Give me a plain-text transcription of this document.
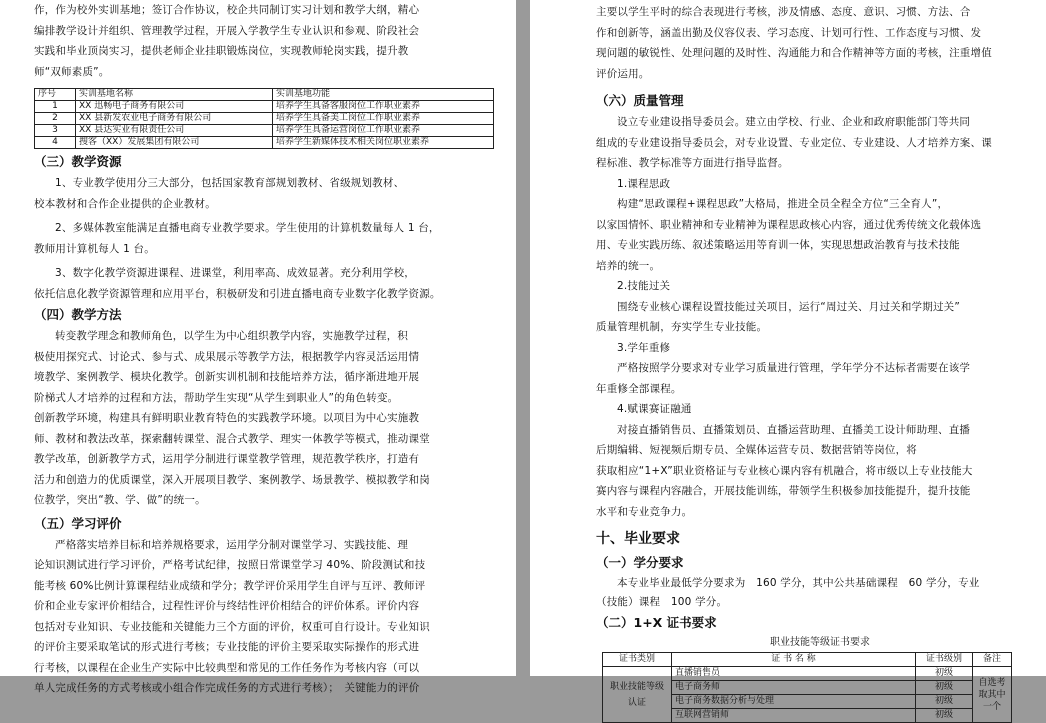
作，作为校外实训基地；签订合作协议，校企共同制订实习计划和教学大纲，精心

编排教学设计并组织、管理教学过程，开展入学教学生专业认识和参观、阶段社会

实践和毕业顶岗实习，提供老师企业挂职锻炼岗位，实现教师轮岗实践，提升教

师“双师素质”。

序号	实训基地名称	实训基地功能
1	XX 迅畅电子商务有限公司	培养学生具备客服岗位工作职业素养
2	XX 县新发农业电子商务有限公司	培养学生具备美工岗位工作职业素养
3	XX 县达实业有限责任公司	培养学生具备运营岗位工作职业素养
4	搜客（XX）发展集团有限公司	培养学生新媒体技术相关岗位职业素养
（三）教学资源

1、专业教学使用分三大部分，包括国家教育部规划教材、省级规划教材、

校本教材和合作企业提供的企业教材。

2、多媒体教室能满足直播电商专业教学要求。学生使用的计算机数量每人 1 台，

教师用计算机每人 1 台。

3、数字化教学资源进课程、进课堂，利用率高、成效显著。充分利用学校，

依托信息化教学资源管理和应用平台，积极研发和引进直播电商专业数字化教学资源。

（四）教学方法

转变教学理念和教师角色，以学生为中心组织教学内容，实施教学过程，积

极使用探究式、讨论式、参与式、成果展示等教学方法，根据教学内容灵活运用情

境教学、案例教学、模块化教学。创新实训机制和技能培养方法，循序渐进地开展

阶梯式人才培养的过程和方法，帮助学生实现“从学生到职业人”的角色转变。

创新教学环境，构建具有鲜明职业教育特色的实践教学环境。以项目为中心实施教

师、教材和教法改革，探索翻转课堂、混合式教学、理实一体教学等模式，推动课堂

教学改革，创新教学方式，运用学分制进行课堂教学管理，规范教学秩序，打造有

活力和创造力的优质课堂，深入开展项目教学、案例教学、场景教学、模拟教学和岗

位教学，突出“教、学、做”的统一。

（五）学习评价

严格落实培养目标和培养规格要求，运用学分制对课堂学习、实践技能、理

论知识测试进行学习评价，严格考试纪律，按照日常课堂学习 40%、阶段测试和技

能考核 60%比例计算课程结业成绩和学分；教学评价采用学生自评与互评、教师评

价和企业专家评价相结合，过程性评价与终结性评价相结合的评价体系。评价内容

包括对专业知识、专业技能和关键能力三个方面的评价，权重可自行设计。专业知识

的评价主要采取笔试的形式进行考核；专业技能的评价主要采取实际操作的形式进

行考核，以课程在企业生产实际中比较典型和常见的工作任务作为考核内容（可以

单人完成任务的方式考核或小组合作完成任务的方式进行考核）；　关键能力的评价

主要以学生平时的综合表现进行考核，涉及情感、态度、意识、习惯、方法、合

作和创新等，涵盖出勤及仪容仪表、学习态度、计划可行性、工作态度与习惯、发

现问题的敏锐性、处理问题的及时性、沟通能力和合作精神等方面的考核，注重增值

评价运用。

（六）质量管理

设立专业建设指导委员会。建立由学校、行业、企业和政府职能部门等共同

组成的专业建设指导委员会，对专业设置、专业定位、专业建设、人才培养方案、课

程标准、教学标准等方面进行指导监督。

1.课程思政

构建“思政课程+课程思政”大格局，推进全员全程全方位“三全育人”，

以家国情怀、职业精神和专业精神为课程思政核心内容，通过优秀传统文化载体选

用、专业实践历练、叙述策略运用等育训一体，实现思想政治教育与技术技能

培养的统一。

2.技能过关

围绕专业核心课程设置技能过关项目，运行“周过关、月过关和学期过关”

质量管理机制，夯实学生专业技能。

3.学年重修

严格按照学分要求对专业学习质量进行管理，学年学分不达标者需要在该学

年重修全部课程。

4.赋课赛证融通

对接直播销售员、直播策划员、直播运营助理、直播美工设计师助理、直播

后期编辑、短视频后期专员、全媒体运营专员、数据营销等岗位，将

获取相应“1+X”职业资格证与专业核心课内容有机融合，将市级以上专业技能大

赛内容与课程内容融合，开展技能训练，带领学生积极参加技能提升，提升技能

水平和专业竞争力。

十、毕业要求
（一）学分要求

本专业毕业最低学分要求为　160 学分，其中公共基础课程　60 学分，专业

（技能）课程　100 学分。

（二）1+X 证书要求
职业技能等级证书要求
证书类别	证 书 名 称	证书级别	备注
职业技能等级认证	直播销售员	初级	自选考取其中一个
	电子商务师	初级	
	电子商务数据分析与处理	初级	
	互联网营销师	初级	
